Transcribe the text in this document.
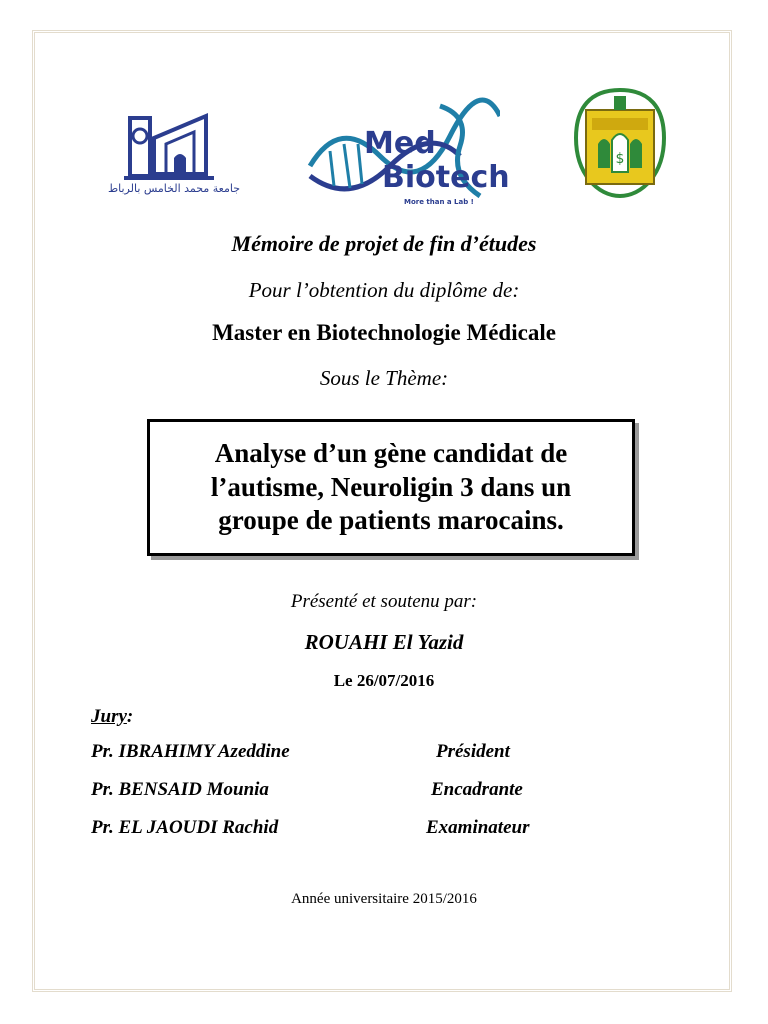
جامعة محمد الخامس بالرباط
Med
Biotech
More than a Lab !
$
Mémoire de projet de fin d’études
Pour l’obtention du diplôme de:
Master en Biotechnologie Médicale
Sous le Thème:
Analyse d’un gène candidat de
l’autisme, Neuroligin 3 dans un
groupe de patients marocains.
Présenté et soutenu par:
ROUAHI El Yazid
Le 26/07/2016
Jury:
Pr. IBRAHIMY Azeddine	Président
Pr. BENSAID Mounia	Encadrante
Pr. EL JAOUDI Rachid	Examinateur
Année universitaire 2015/2016
